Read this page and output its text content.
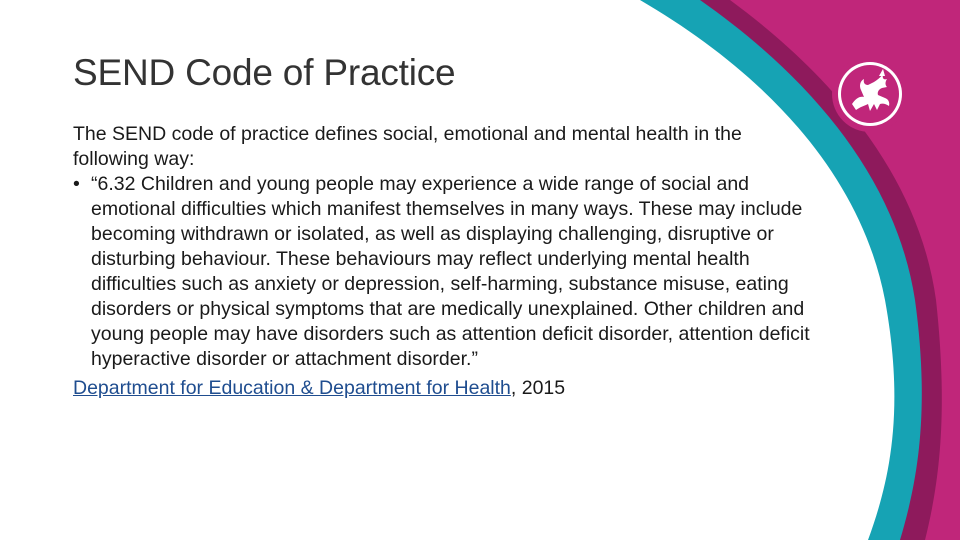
SEND Code of Practice

The SEND code of practice defines social, emotional and mental health in the following way:

• “6.32 Children and young people may experience a wide range of social and emotional difficulties which manifest themselves in many ways. These may include becoming withdrawn or isolated, as well as displaying challenging, disruptive or disturbing behaviour. These behaviours may reflect underlying mental health difficulties such as anxiety or depression, self-harming, substance misuse, eating disorders or physical symptoms that are medically unexplained. Other children and young people may have disorders such as attention deficit disorder, attention deficit hyperactive disorder or attachment disorder.”

Department for Education & Department for Health, 2015
